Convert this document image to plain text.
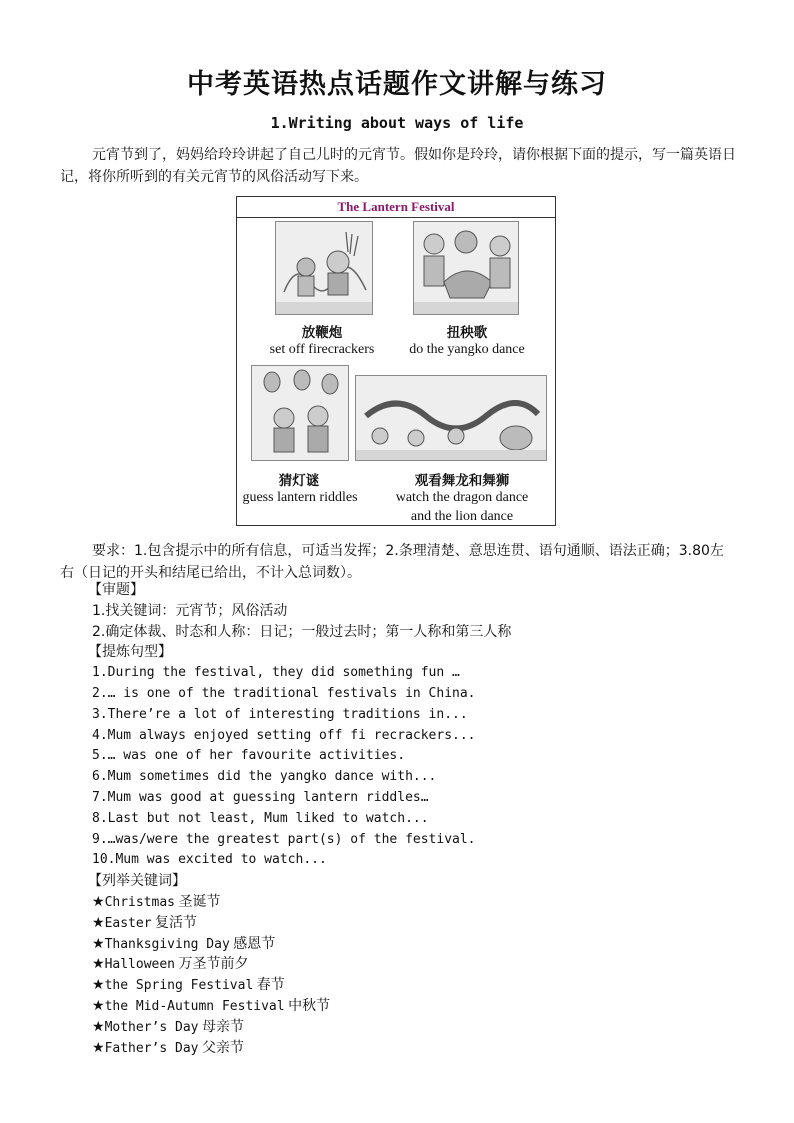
中考英语热点话题作文讲解与练习
1.Writing about ways of life

元宵节到了，妈妈给玲玲讲起了自己儿时的元宵节。假如你是玲玲，请你根据下面的提示，写一篇英语日记，将你所听到的有关元宵节的风俗活动写下来。

The Lantern Festival
放鞭炮
set off firecrackers
扭秧歌
do the yangko dance
猜灯谜
guess lantern riddles
观看舞龙和舞狮
watch the dragon dance
and the lion dance

要求：1.包含提示中的所有信息，可适当发挥；2.条理清楚、意思连贯、语句通顺、语法正确；3.80左右（日记的开头和结尾已给出，不计入总词数）。

【审题】
1.找关键词：元宵节；风俗活动
2.确定体裁、时态和人称：日记；一般过去时；第一人称和第三人称
【提炼句型】
1.During the festival, they did something fun …
2.… is one of the traditional festivals in China.
3.There’re a lot of interesting traditions in...
4.Mum always enjoyed setting off fi recrackers...
5.… was one of her favourite activities.
6.Mum sometimes did the yangko dance with...
7.Mum was good at guessing lantern riddles…
8.Last but not least, Mum liked to watch...
9.…was/were the greatest part(s) of the festival.
10.Mum was excited to watch...
【列举关键词】
★Christmas 圣诞节
★Easter 复活节
★Thanksgiving Day 感恩节
★Halloween 万圣节前夕
★the Spring Festival 春节
★the Mid-Autumn Festival 中秋节
★Mother’s Day 母亲节
★Father’s Day 父亲节
